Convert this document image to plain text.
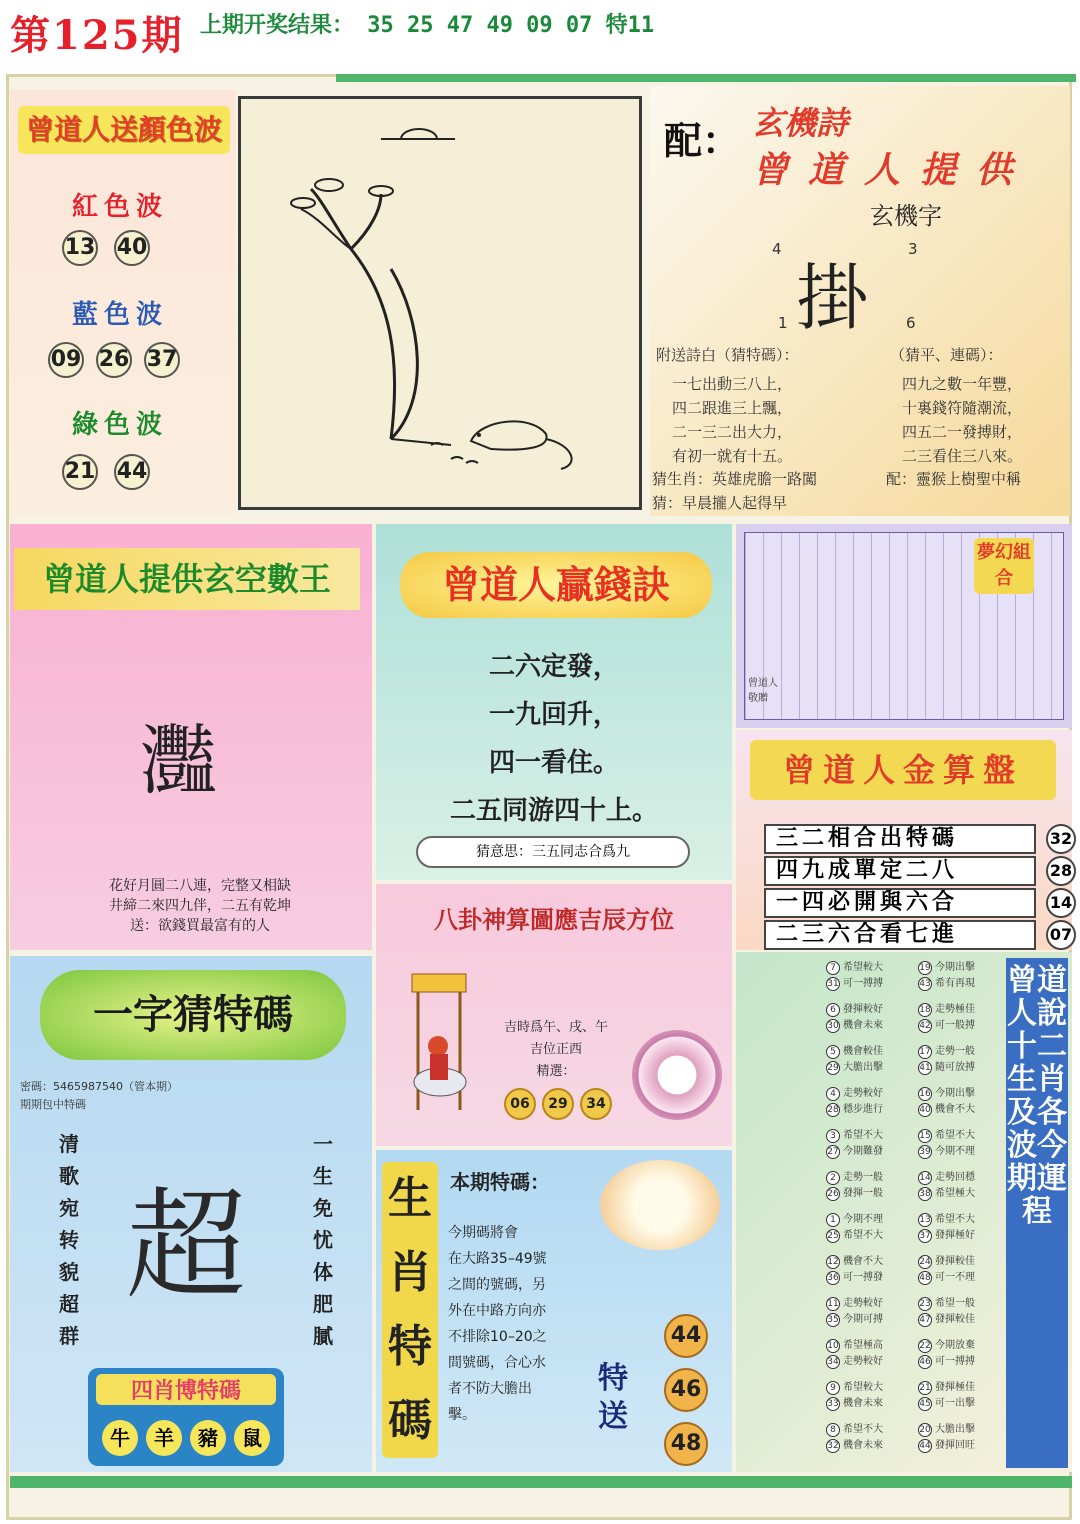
第125期 上期开奖结果： 35 25 47 49 09 07 特11
曾道人送顏色波
紅色波
13 40
藍色波
09 26 37
綠色波
21 44
配： 玄機詩
曾道人提供
玄機字
4	3
掛
1	6
附送詩白（猜特碼）：	（猜平、連碼）：
一七出動三八上，
四二跟進三上飄，
二一三二出大力，
有初一就有十五。
四九之數一年豐，
十裏錢符隨潮流，
四五二一發搏財，
二三看住三八來。
猜生肖：英雄虎膽一路闖	配：靈猴上樹聖中稱
猜：早晨攏人起得早
曾道人提供玄空數王
灩
花好月圓二八連，完整又相缺
井締二來四九伴，二五有乾坤
送：欲錢買最富有的人
曾道人贏錢訣
二六定發，
一九回升，
四一看住。
二五同游四十上。
猜意思：三五同志合爲九
夢幻組合
曾道人敬贈
曾道人金算盤
三二相合出特碼	32
四九成單定二八	28
一四必開與六合	14
二三六合看七進	07
一字猜特碼
密碼：5465987540（管本期）
期期包中特碼
清
歌
宛
转
貌
超
群
超
一
生
免
忧
体
肥
膩
四肖博特碼
牛	羊	豬	鼠
八卦神算圖應吉辰方位
吉時爲午、戌、午
吉位正西
精選：
06	29	34
生肖特碼
本期特碼：
今期碼將會
在大路35–49號
之間的號碼，另
外在中路方向亦
不排除10–20之
間號碼，合心水
者不防大膽出
擊。
特送
44
46
48
曾道人說十二生肖及各波今期運程
7 希望較大
31 可一搏搏
6 發揮較好
30 機會未來
5 機會較佳
29 大膽出擊
4 走勢較好
28 穩步進行
3 希望不大
27 今期難發
2 走勢一般
26 發揮一般
1 今期不理
25 希望不大
12 機會不大
36 可一搏發
11 走勢較好
35 今期可搏
10 希望極高
34 走勢較好
9 希望較大
33 機會未來
8 希望不大
32 機會未來
19 今期出擊
43 希有再現
18 走勢極佳
42 可一般搏
17 走勢一般
41 隨可放搏
16 今期出擊
40 機會不大
15 希望不大
39 今期不理
14 走勢回穩
38 希望極大
13 希望不大
37 發揮極好
24 發揮較佳
48 可一不理
23 希望一般
47 發揮較佳
22 今期放棄
46 可一搏搏
21 發揮極佳
45 可一出擊
20 大膽出擊
44 發揮回旺
